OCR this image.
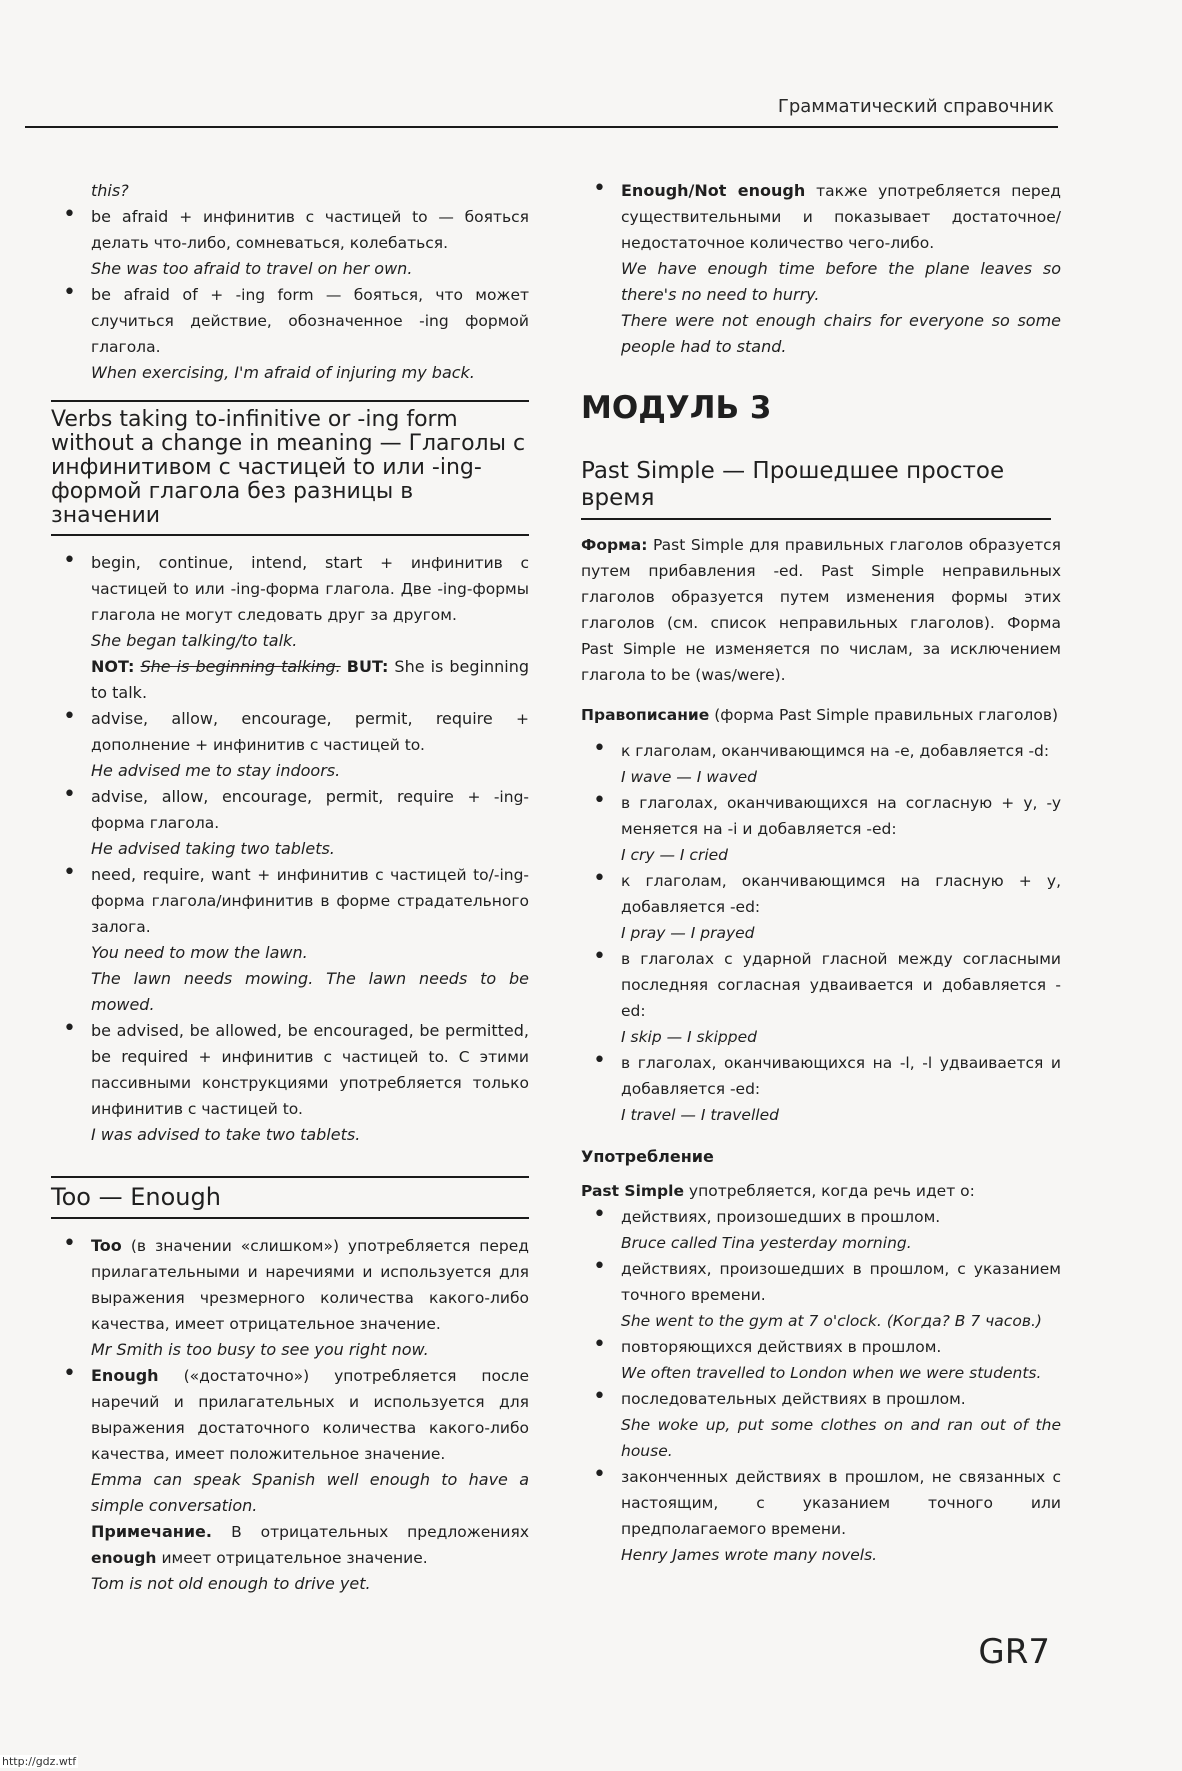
Грамматический справочник
this?
• be afraid + инфинитив с частицей to — бояться делать что-либо, сомневаться, колебаться.
She was too afraid to travel on her own.
• be afraid of + -ing form — бояться, что может случиться действие, обозначенное -ing формой глагола.
When exercising, I'm afraid of injuring my back.
Verbs taking to-infinitive or -ing form without a change in meaning — Глаголы с инфинитивом с частицей to или -ing-формой глагола без разницы в значении
• begin, continue, intend, start + инфинитив с частицей to или -ing-форма глагола. Две -ing-формы глагола не могут следовать друг за другом.
She began talking/to talk.
NOT: She is beginning talking. BUT: She is beginning to talk.
• advise, allow, encourage, permit, require + дополнение + инфинитив с частицей to.
He advised me to stay indoors.
• advise, allow, encourage, permit, require + -ing-форма глагола.
He advised taking two tablets.
• need, require, want + инфинитив с частицей to/-ing-форма глагола/инфинитив в форме страдательного залога.
You need to mow the lawn.
The lawn needs mowing. The lawn needs to be mowed.
• be advised, be allowed, be encouraged, be permitted, be required + инфинитив с частицей to. С этими пассивными конструкциями употребляется только инфинитив с частицей to.
I was advised to take two tablets.
Too — Enough
• Too (в значении «слишком») употребляется перед прилагательными и наречиями и используется для выражения чрезмерного количества какого-либо качества, имеет отрицательное значение.
Mr Smith is too busy to see you right now.
• Enough («достаточно») употребляется после наречий и прилагательных и используется для выражения достаточного количества какого-либо качества, имеет положительное значение.
Emma can speak Spanish well enough to have a simple conversation.
Примечание. В отрицательных предложениях enough имеет отрицательное значение.
Tom is not old enough to drive yet.
• Enough/Not enough также употребляется перед существительными и показывает достаточное/недостаточное количество чего-либо.
We have enough time before the plane leaves so there's no need to hurry.
There were not enough chairs for everyone so some people had to stand.
МОДУЛЬ 3
Past Simple — Прошедшее простое время
Форма: Past Simple для правильных глаголов образуется путем прибавления -ed. Past Simple неправильных глаголов образуется путем изменения формы этих глаголов (см. список неправильных глаголов). Форма Past Simple не изменяется по числам, за исключением глагола to be (was/were).
Правописание (форма Past Simple правильных глаголов)
• к глаголам, оканчивающимся на -e, добавляется -d:
I wave — I waved
• в глаголах, оканчивающихся на согласную + y, -y меняется на -i и добавляется -ed:
I cry — I cried
• к глаголам, оканчивающимся на гласную + y, добавляется -ed:
I pray — I prayed
• в глаголах с ударной гласной между согласными последняя согласная удваивается и добавляется -ed:
I skip — I skipped
• в глаголах, оканчивающихся на -l, -l удваивается и добавляется -ed:
I travel — I travelled
Употребление
Past Simple употребляется, когда речь идет о:
• действиях, произошедших в прошлом.
Bruce called Tina yesterday morning.
• действиях, произошедших в прошлом, с указанием точного времени.
She went to the gym at 7 o'clock. (Когда? В 7 часов.)
• повторяющихся действиях в прошлом.
We often travelled to London when we were students.
• последовательных действиях в прошлом.
She woke up, put some clothes on and ran out of the house.
• законченных действиях в прошлом, не связанных с настоящим, с указанием точного или предполагаемого времени.
Henry James wrote many novels.
GR7
http://gdz.wtf
